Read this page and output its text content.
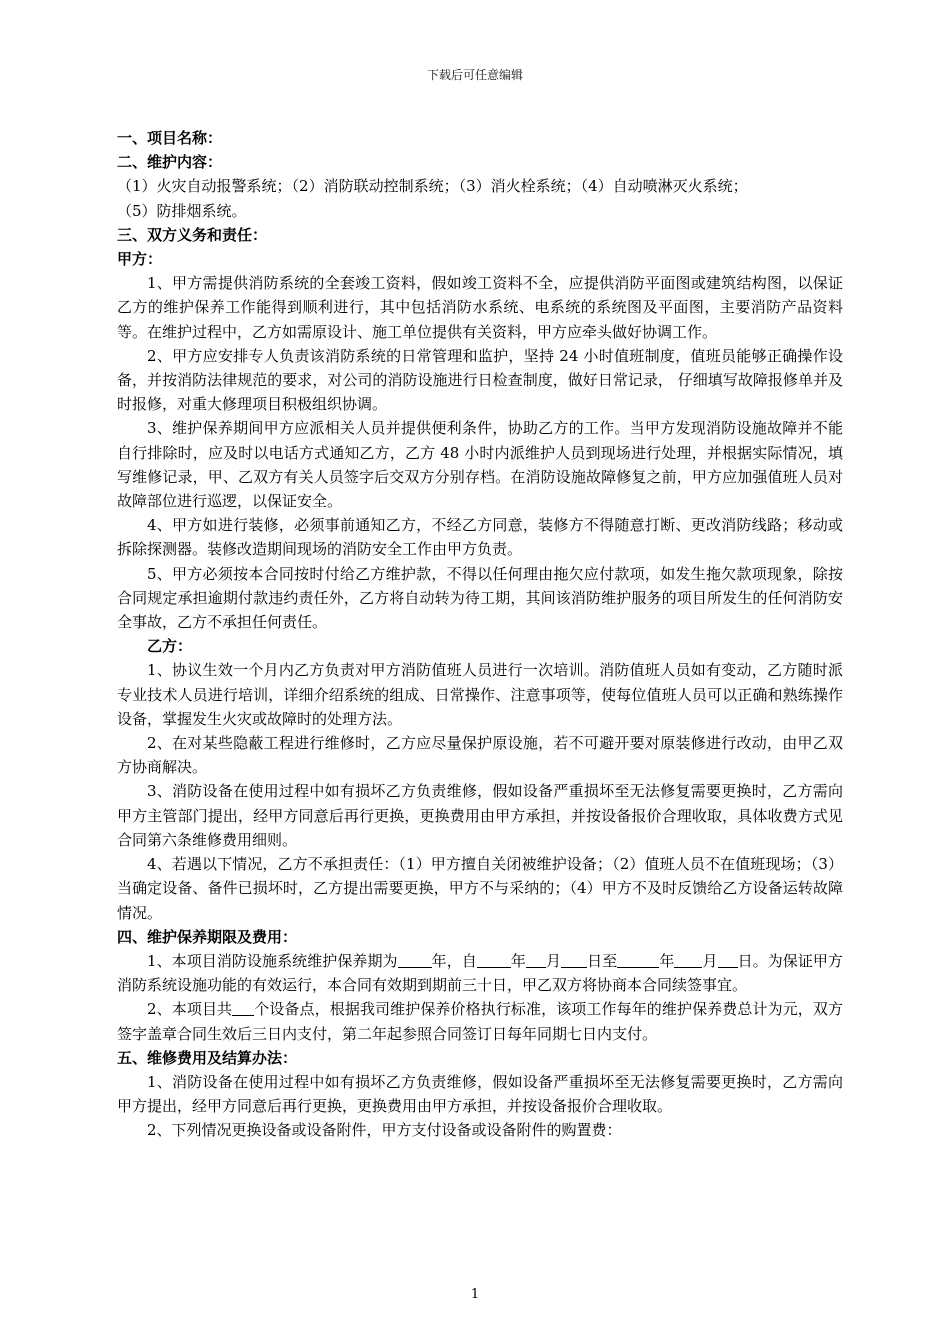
下载后可任意编辑

一、项目名称：

二、维护内容：

（1）火灾自动报警系统；（2）消防联动控制系统；（3）消火栓系统；（4）自动喷淋灭火系统；

（5）防排烟系统。

三、双方义务和责任：

甲方：

1、甲方需提供消防系统的全套竣工资料，假如竣工资料不全，应提供消防平面图或建筑结构图，以保证乙方的维护保养工作能得到顺利进行，其中包括消防水系统、电系统的系统图及平面图，主要消防产品资料等。在维护过程中，乙方如需原设计、施工单位提供有关资料，甲方应牵头做好协调工作。

2、甲方应安排专人负责该消防系统的日常管理和监护，坚持 24 小时值班制度，值班员能够正确操作设备，并按消防法律规范的要求，对公司的消防设施进行日检查制度，做好日常记录， 仔细填写故障报修单并及时报修，对重大修理项目积极组织协调。

3、维护保养期间甲方应派相关人员并提供便利条件，协助乙方的工作。当甲方发现消防设施故障并不能自行排除时，应及时以电话方式通知乙方，乙方 48 小时内派维护人员到现场进行处理，并根据实际情况，填写维修记录，甲、乙双方有关人员签字后交双方分别存档。在消防设施故障修复之前，甲方应加强值班人员对故障部位进行巡逻，以保证安全。

4、甲方如进行装修，必须事前通知乙方，不经乙方同意，装修方不得随意打断、更改消防线路；移动或拆除探测器。装修改造期间现场的消防安全工作由甲方负责。

5、甲方必须按本合同按时付给乙方维护款，不得以任何理由拖欠应付款项，如发生拖欠款项现象，除按合同规定承担逾期付款违约责任外，乙方将自动转为待工期，其间该消防维护服务的项目所发生的任何消防安全事故，乙方不承担任何责任。

乙方：

1、协议生效一个月内乙方负责对甲方消防值班人员进行一次培训。消防值班人员如有变动，乙方随时派专业技术人员进行培训，详细介绍系统的组成、日常操作、注意事项等，使每位值班人员可以正确和熟练操作设备，掌握发生火灾或故障时的处理方法。

2、在对某些隐蔽工程进行维修时，乙方应尽量保护原设施，若不可避开要对原装修进行改动，由甲乙双方协商解决。

3、消防设备在使用过程中如有损坏乙方负责维修，假如设备严重损坏至无法修复需要更换时，乙方需向甲方主管部门提出，经甲方同意后再行更换，更换费用由甲方承担，并按设备报价合理收取，具体收费方式见合同第六条维修费用细则。

4、若遇以下情况，乙方不承担责任：（1）甲方擅自关闭被维护设备；（2）值班人员不在值班现场；（3）当确定设备、备件已损坏时，乙方提出需要更换，甲方不与采纳的；（4）甲方不及时反馈给乙方设备运转故障情况。

四、维护保养期限及费用：

1、本项目消防设施系统维护保养期为 年，自 年 月 日至	年 月 日。为保证甲方消防系统设施功能的有效运行，本合同有效期到期前三十日，甲乙双方将协商本合同续签事宜。

2、本项目共 个设备点，根据我司维护保养价格执行标准，该项工作每年的维护保养费总计为元，双方签字盖章合同生效后三日内支付，第二年起参照合同签订日每年同期七日内支付。

五、维修费用及结算办法：

1、消防设备在使用过程中如有损坏乙方负责维修，假如设备严重损坏至无法修复需要更换时，乙方需向甲方提出，经甲方同意后再行更换，更换费用由甲方承担，并按设备报价合理收取。

2、下列情况更换设备或设备附件，甲方支付设备或设备附件的购置费：

1
